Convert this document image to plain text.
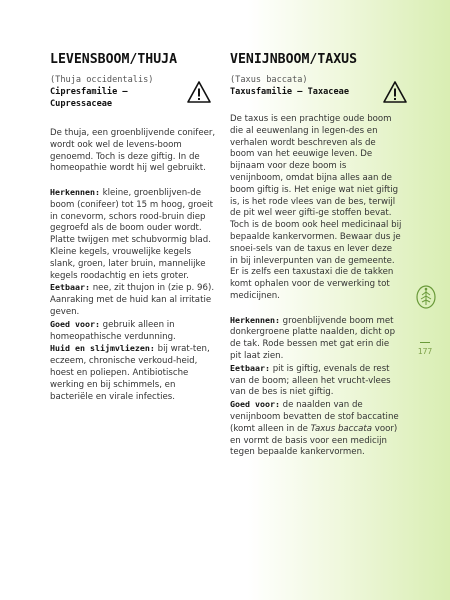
LEVENSBOOM/THUJA
(Thuja occidentalis)
Cipresfamilie —
Cupressaceae

De thuja, een groenblijvende conifeer, wordt ook wel de levens-boom genoemd. Toch is deze giftig. In de homeopathie wordt hij wel gebruikt.

Herkennen: kleine, groenblijven-de boom (conifeer) tot 15 m hoog, groeit in conevorm, schors rood-bruin diep gegroefd als de boom ouder wordt. Platte twijgen met schubvormig blad. Kleine kegels, vrouwelijke kegels slank, groen, later bruin, mannelijke kegels roodachtig en iets groter.

Eetbaar: nee, zit thujon in (zie p. 96). Aanraking met de huid kan al irritatie geven.

Goed voor: gebruik alleen in homeopathische verdunning.

Huid en slijmvliezen: bij wrat-ten, eczeem, chronische verkoud-heid, hoest en poliepen. Antibiotische werking en bij schimmels, en bacteriële en virale infecties.

VENIJNBOOM/TAXUS
(Taxus baccata)
Taxusfamilie — Taxaceae

De taxus is een prachtige oude boom die al eeuwenlang in legen-des en verhalen wordt beschreven als de boom van het eeuwige leven. De bijnaam voor deze boom is venijnboom, omdat bijna alles aan de boom giftig is. Het enige wat niet giftig is, is het rode vlees van de bes, terwijl de pit wel weer gifti-ge stoffen bevat. Toch is de boom ook heel medicinaal bij bepaalde kankervormen. Bewaar dus je snoei-sels van de taxus en lever deze in bij inleverpunten van de gemeente. Er is zelfs een taxustaxi die de takken komt ophalen voor de verwerking tot medicijnen.

Herkennen: groenblijvende boom met donkergroene platte naalden, dicht op de tak. Rode bessen met gat erin die pit laat zien.

Eetbaar: pit is giftig, evenals de rest van de boom; alleen het vrucht-vlees van de bes is niet giftig.

Goed voor: de naalden van de venijnboom bevatten de stof baccatine (komt alleen in de Taxus baccata voor) en vormt de basis voor een medicijn tegen bepaalde kankervormen.

177
